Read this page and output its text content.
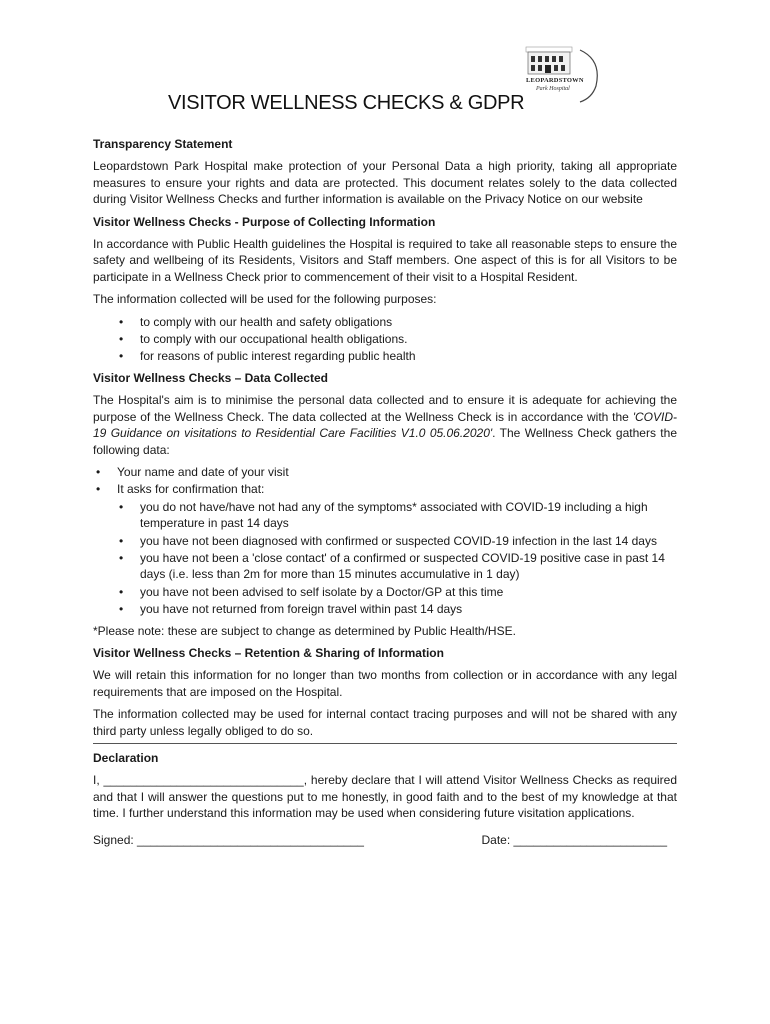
LEOPARDSTOWN
Park Hospital
VISITOR WELLNESS CHECKS & GDPR
Transparency Statement

Leopardstown Park Hospital make protection of your Personal Data a high priority, taking all appropriate measures to ensure your rights and data are protected. This document relates solely to the data collected during Visitor Wellness Checks and further information is available on the Privacy Notice on our website

Visitor Wellness Checks - Purpose of Collecting Information

In accordance with Public Health guidelines the Hospital is required to take all reasonable steps to ensure the safety and wellbeing of its Residents, Visitors and Staff members. One aspect of this is for all Visitors to be participate in a Wellness Check prior to commencement of their visit to a Hospital Resident.

The information collected will be used for the following purposes:

• to comply with our health and safety obligations
• to comply with our occupational health obligations.
• for reasons of public interest regarding public health
Visitor Wellness Checks – Data Collected

The Hospital's aim is to minimise the personal data collected and to ensure it is adequate for achieving the purpose of the Wellness Check. The data collected at the Wellness Check is in accordance with the 'COVID-19 Guidance on visitations to Residential Care Facilities V1.0 05.06.2020'. The Wellness Check gathers the following data:

• Your name and date of your visit
• It asks for confirmation that:
• you do not have/have not had any of the symptoms* associated with COVID-19 including a high temperature in past 14 days
• you have not been diagnosed with confirmed or suspected COVID-19 infection in the last 14 days
• you have not been a 'close contact' of a confirmed or suspected COVID-19 positive case in past 14 days (i.e. less than 2m for more than 15 minutes accumulative in 1 day)
• you have not been advised to self isolate by a Doctor/GP at this time
• you have not returned from foreign travel within past 14 days

*Please note: these are subject to change as determined by Public Health/HSE.

Visitor Wellness Checks – Retention & Sharing of Information

We will retain this information for no longer than two months from collection or in accordance with any legal requirements that are imposed on the Hospital.

The information collected may be used for internal contact tracing purposes and will not be shared with any third party unless legally obliged to do so.

Declaration

I, ______________________________, hereby declare that I will attend Visitor Wellness Checks as required and that I will answer the questions put to me honestly, in good faith and to the best of my knowledge at that time. I further understand this information may be used when considering future visitation applications.

Signed: __________________________________	Date: _______________________
